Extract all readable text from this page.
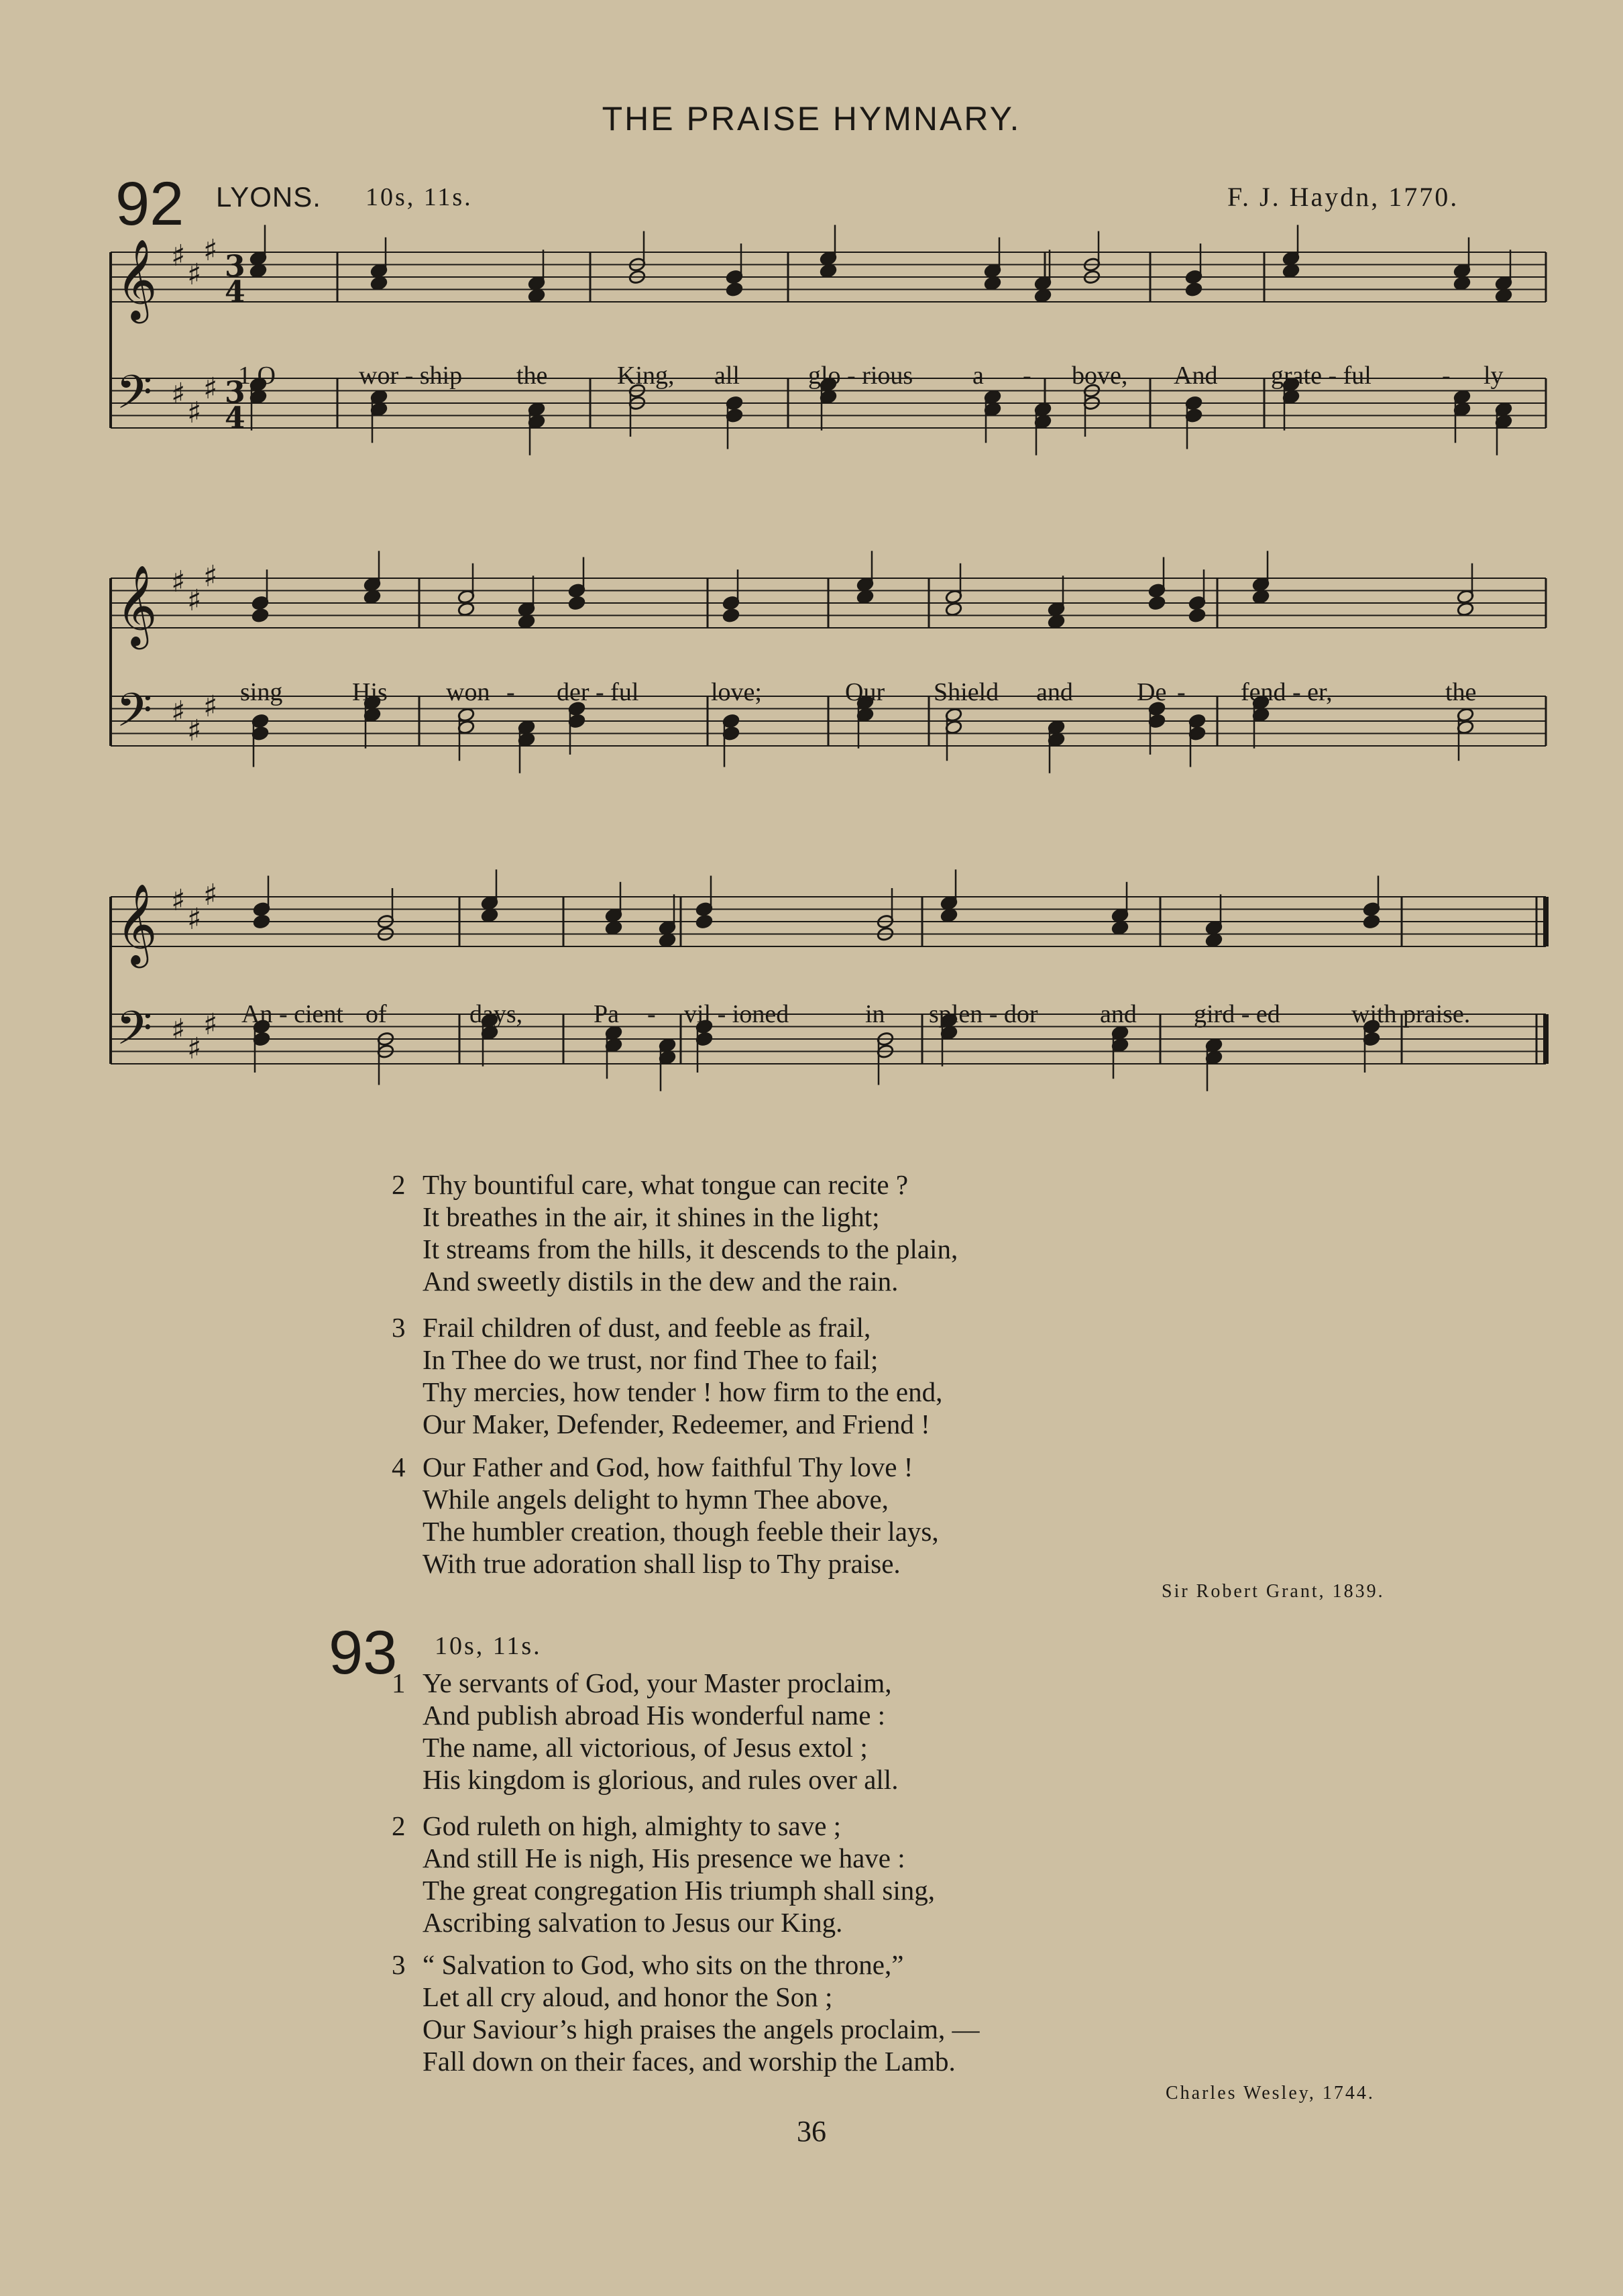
THE PRAISE HYMNARY.
92 LYONS. 10s, 11s.	F. J. Haydn, 1770.
𝄞 ♯
♯
♯ 3
4
𝄢 ♯
♯
♯ 3
4
𝄞 ♯
♯
♯
𝄢 ♯
♯
♯
𝄞 ♯
♯
♯
𝄢 ♯
♯
♯
1 O	wor - ship the	King, all	glo - rious a - bove, And grate - ful	- ly
sing	His won - der - ful	love;	Our Shield and	De - fend - er,	the
An - cient of	days,	Pa - vil - ioned	in splen - dor and gird - ed	with praise.
2 Thy bountiful care, what tongue can recite ?
It breathes in the air, it shines in the light;
It streams from the hills, it descends to the plain,
And sweetly distils in the dew and the rain.
3 Frail children of dust, and feeble as frail,
In Thee do we trust, nor find Thee to fail;
Thy mercies, how tender ! how firm to the end,
Our Maker, Defender, Redeemer, and Friend !
4 Our Father and God, how faithful Thy love !
While angels delight to hymn Thee above,
The humbler creation, though feeble their lays,
With true adoration shall lisp to Thy praise.
Sir Robert Grant, 1839.
93 10s, 11s.
1 Ye servants of God, your Master proclaim,
And publish abroad His wonderful name :
The name, all victorious, of Jesus extol ;
His kingdom is glorious, and rules over all.
2 God ruleth on high, almighty to save ;
And still He is nigh, His presence we have :
The great congregation His triumph shall sing,
Ascribing salvation to Jesus our King.
3 “ Salvation to God, who sits on the throne,”
Let all cry aloud, and honor the Son ;
Our Saviour’s high praises the angels proclaim, —
Fall down on their faces, and worship the Lamb.
Charles Wesley, 1744.
36
